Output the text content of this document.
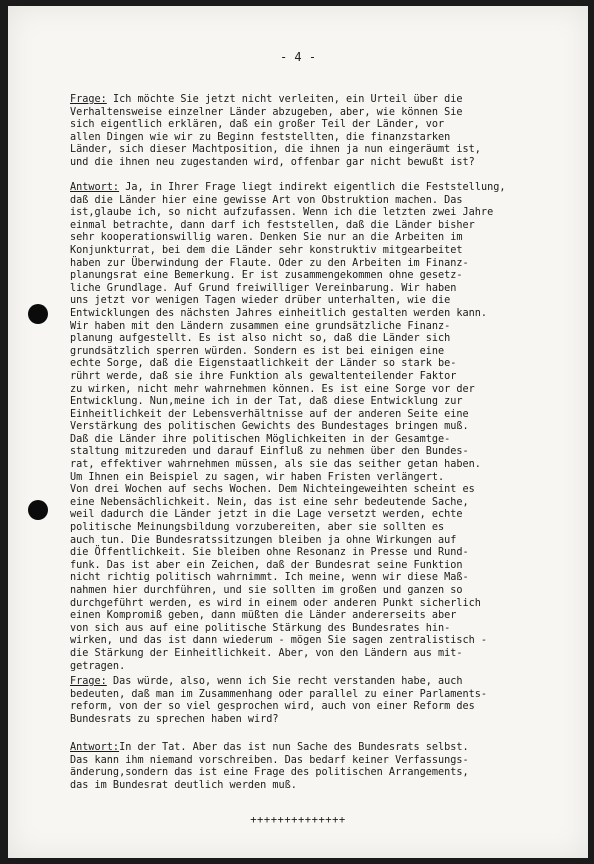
- 4 -
Frage: Ich möchte Sie jetzt nicht verleiten, ein Urteil über die
Verhaltensweise einzelner Länder abzugeben, aber, wie können Sie
sich eigentlich erklären, daß ein großer Teil der Länder, vor
allen Dingen wie wir zu Beginn feststellten, die finanzstarken
Länder, sich dieser Machtposition, die ihnen ja nun eingeräumt ist,
und die ihnen neu zugestanden wird, offenbar gar nicht bewußt ist?
Antwort: Ja, in Ihrer Frage liegt indirekt eigentlich die Feststellung,
daß die Länder hier eine gewisse Art von Obstruktion machen. Das
ist,glaube ich, so nicht aufzufassen. Wenn ich die letzten zwei Jahre
einmal betrachte, dann darf ich feststellen, daß die Länder bisher
sehr kooperationswillig waren. Denken Sie nur an die Arbeiten im
Konjunkturrat, bei dem die Länder sehr konstruktiv mitgearbeitet
haben zur Überwindung der Flaute. Oder zu den Arbeiten im Finanz-
planungsrat eine Bemerkung. Er ist zusammengekommen ohne gesetz-
liche Grundlage. Auf Grund freiwilliger Vereinbarung. Wir haben
uns jetzt vor wenigen Tagen wieder drüber unterhalten, wie die
Entwicklungen des nächsten Jahres einheitlich gestalten werden kann.
Wir haben mit den Ländern zusammen eine grundsätzliche Finanz-
planung aufgestellt. Es ist also nicht so, daß die Länder sich
grundsätzlich sperren würden. Sondern es ist bei einigen eine
echte Sorge, daß die Eigenstaatlichkeit der Länder so stark be-
rührt werde, daß sie ihre Funktion als gewaltenteilender Faktor
zu wirken, nicht mehr wahrnehmen können. Es ist eine Sorge vor der
Entwicklung. Nun,meine ich in der Tat, daß diese Entwicklung zur
Einheitlichkeit der Lebensverhältnisse auf der anderen Seite eine
Verstärkung des politischen Gewichts des Bundestages bringen muß.
Daß die Länder ihre politischen Möglichkeiten in der Gesamtge-
staltung mitzureden und darauf Einfluß zu nehmen über den Bundes-
rat, effektiver wahrnehmen müssen, als sie das seither getan haben.
Um Ihnen ein Beispiel zu sagen, wir haben Fristen verlängert.
Von drei Wochen auf sechs Wochen. Dem Nichteingeweihten scheint es
eine Nebensächlichkeit. Nein, das ist eine sehr bedeutende Sache,
weil dadurch die Länder jetzt in die Lage versetzt werden, echte
politische Meinungsbildung vorzubereiten, aber sie sollten es
auch tun. Die Bundesratssitzungen bleiben ja ohne Wirkungen auf
die Öffentlichkeit. Sie bleiben ohne Resonanz in Presse und Rund-
funk. Das ist aber ein Zeichen, daß der Bundesrat seine Funktion
nicht richtig politisch wahrnimmt. Ich meine, wenn wir diese Maß-
nahmen hier durchführen, und sie sollten im großen und ganzen so
durchgeführt werden, es wird in einem oder anderen Punkt sicherlich
einen Kompromiß geben, dann müßten die Länder andererseits aber
von sich aus auf eine politische Stärkung des Bundesrates hin-
wirken, und das ist dann wiederum - mögen Sie sagen zentralistisch -
die Stärkung der Einheitlichkeit. Aber, von den Ländern aus mit-
getragen.
Frage: Das würde, also, wenn ich Sie recht verstanden habe, auch
bedeuten, daß man im Zusammenhang oder parallel zu einer Parlaments-
reform, von der so viel gesprochen wird, auch von einer Reform des
Bundesrats zu sprechen haben wird?
Antwort:In der Tat. Aber das ist nun Sache des Bundesrats selbst.
Das kann ihm niemand vorschreiben. Das bedarf keiner Verfassungs-
änderung,sondern das ist eine Frage des politischen Arrangements,
das im Bundesrat deutlich werden muß.
++++++++++++++
